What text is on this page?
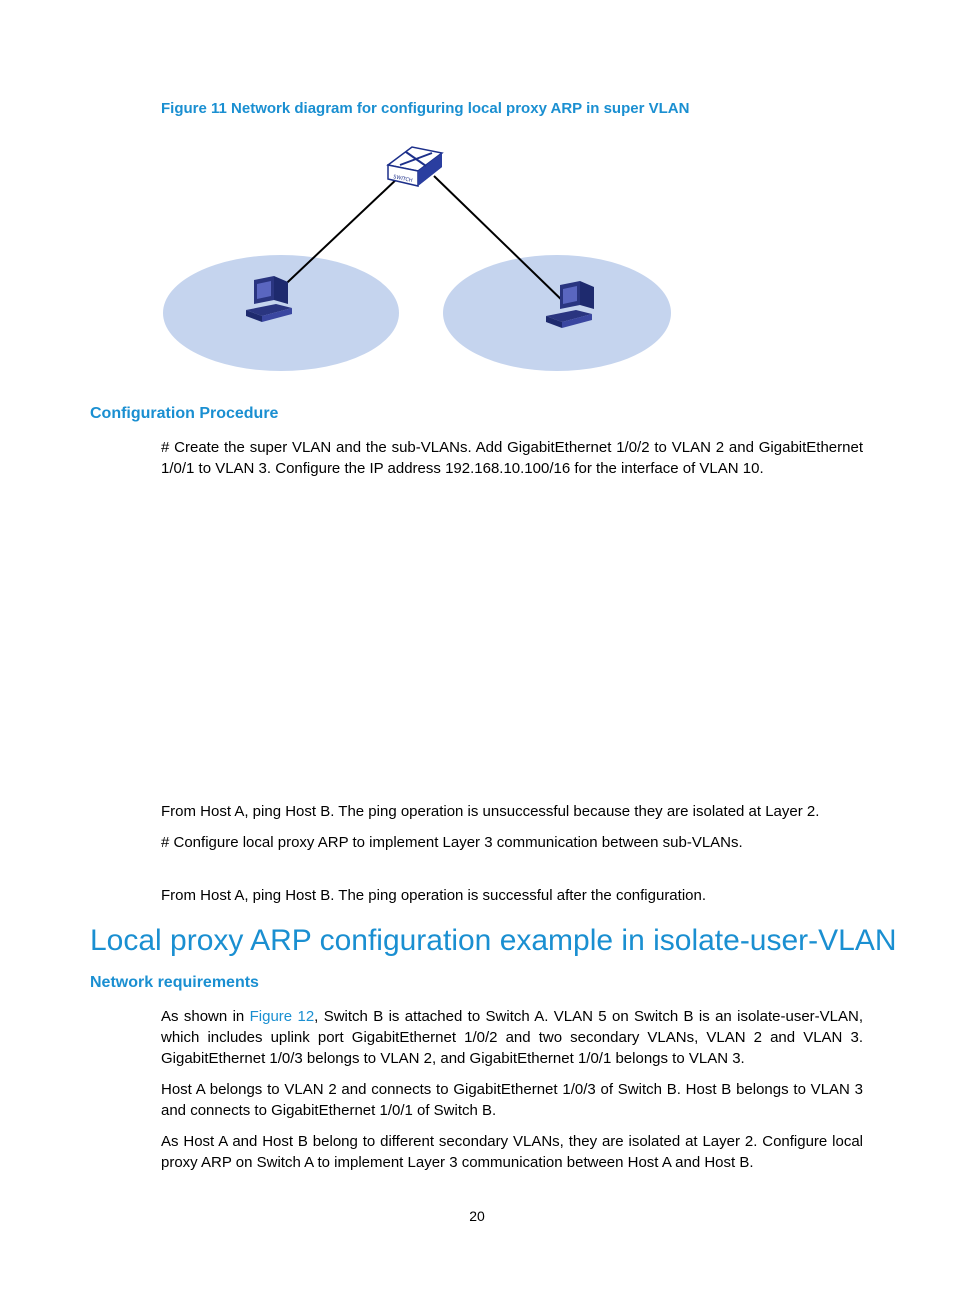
Figure 11 Network diagram for configuring local proxy ARP in super VLAN
SWITCH
Configuration Procedure
# Create the super VLAN and the sub-VLANs. Add GigabitEthernet 1/0/2 to VLAN 2 and GigabitEthernet 1/0/1 to VLAN 3. Configure the IP address 192.168.10.100/16 for the interface of VLAN 10.
From Host A, ping Host B. The ping operation is unsuccessful because they are isolated at Layer 2.
# Configure local proxy ARP to implement Layer 3 communication between sub-VLANs.
From Host A, ping Host B. The ping operation is successful after the configuration.
Local proxy ARP configuration example in isolate-user-VLAN
Network requirements
As shown in Figure 12, Switch B is attached to Switch A. VLAN 5 on Switch B is an isolate-user-VLAN, which includes uplink port GigabitEthernet 1/0/2 and two secondary VLANs, VLAN 2 and VLAN 3. GigabitEthernet 1/0/3 belongs to VLAN 2, and GigabitEthernet 1/0/1 belongs to VLAN 3.
Host A belongs to VLAN 2 and connects to GigabitEthernet 1/0/3 of Switch B. Host B belongs to VLAN 3 and connects to GigabitEthernet 1/0/1 of Switch B.
As Host A and Host B belong to different secondary VLANs, they are isolated at Layer 2. Configure local proxy ARP on Switch A to implement Layer 3 communication between Host A and Host B.
20
